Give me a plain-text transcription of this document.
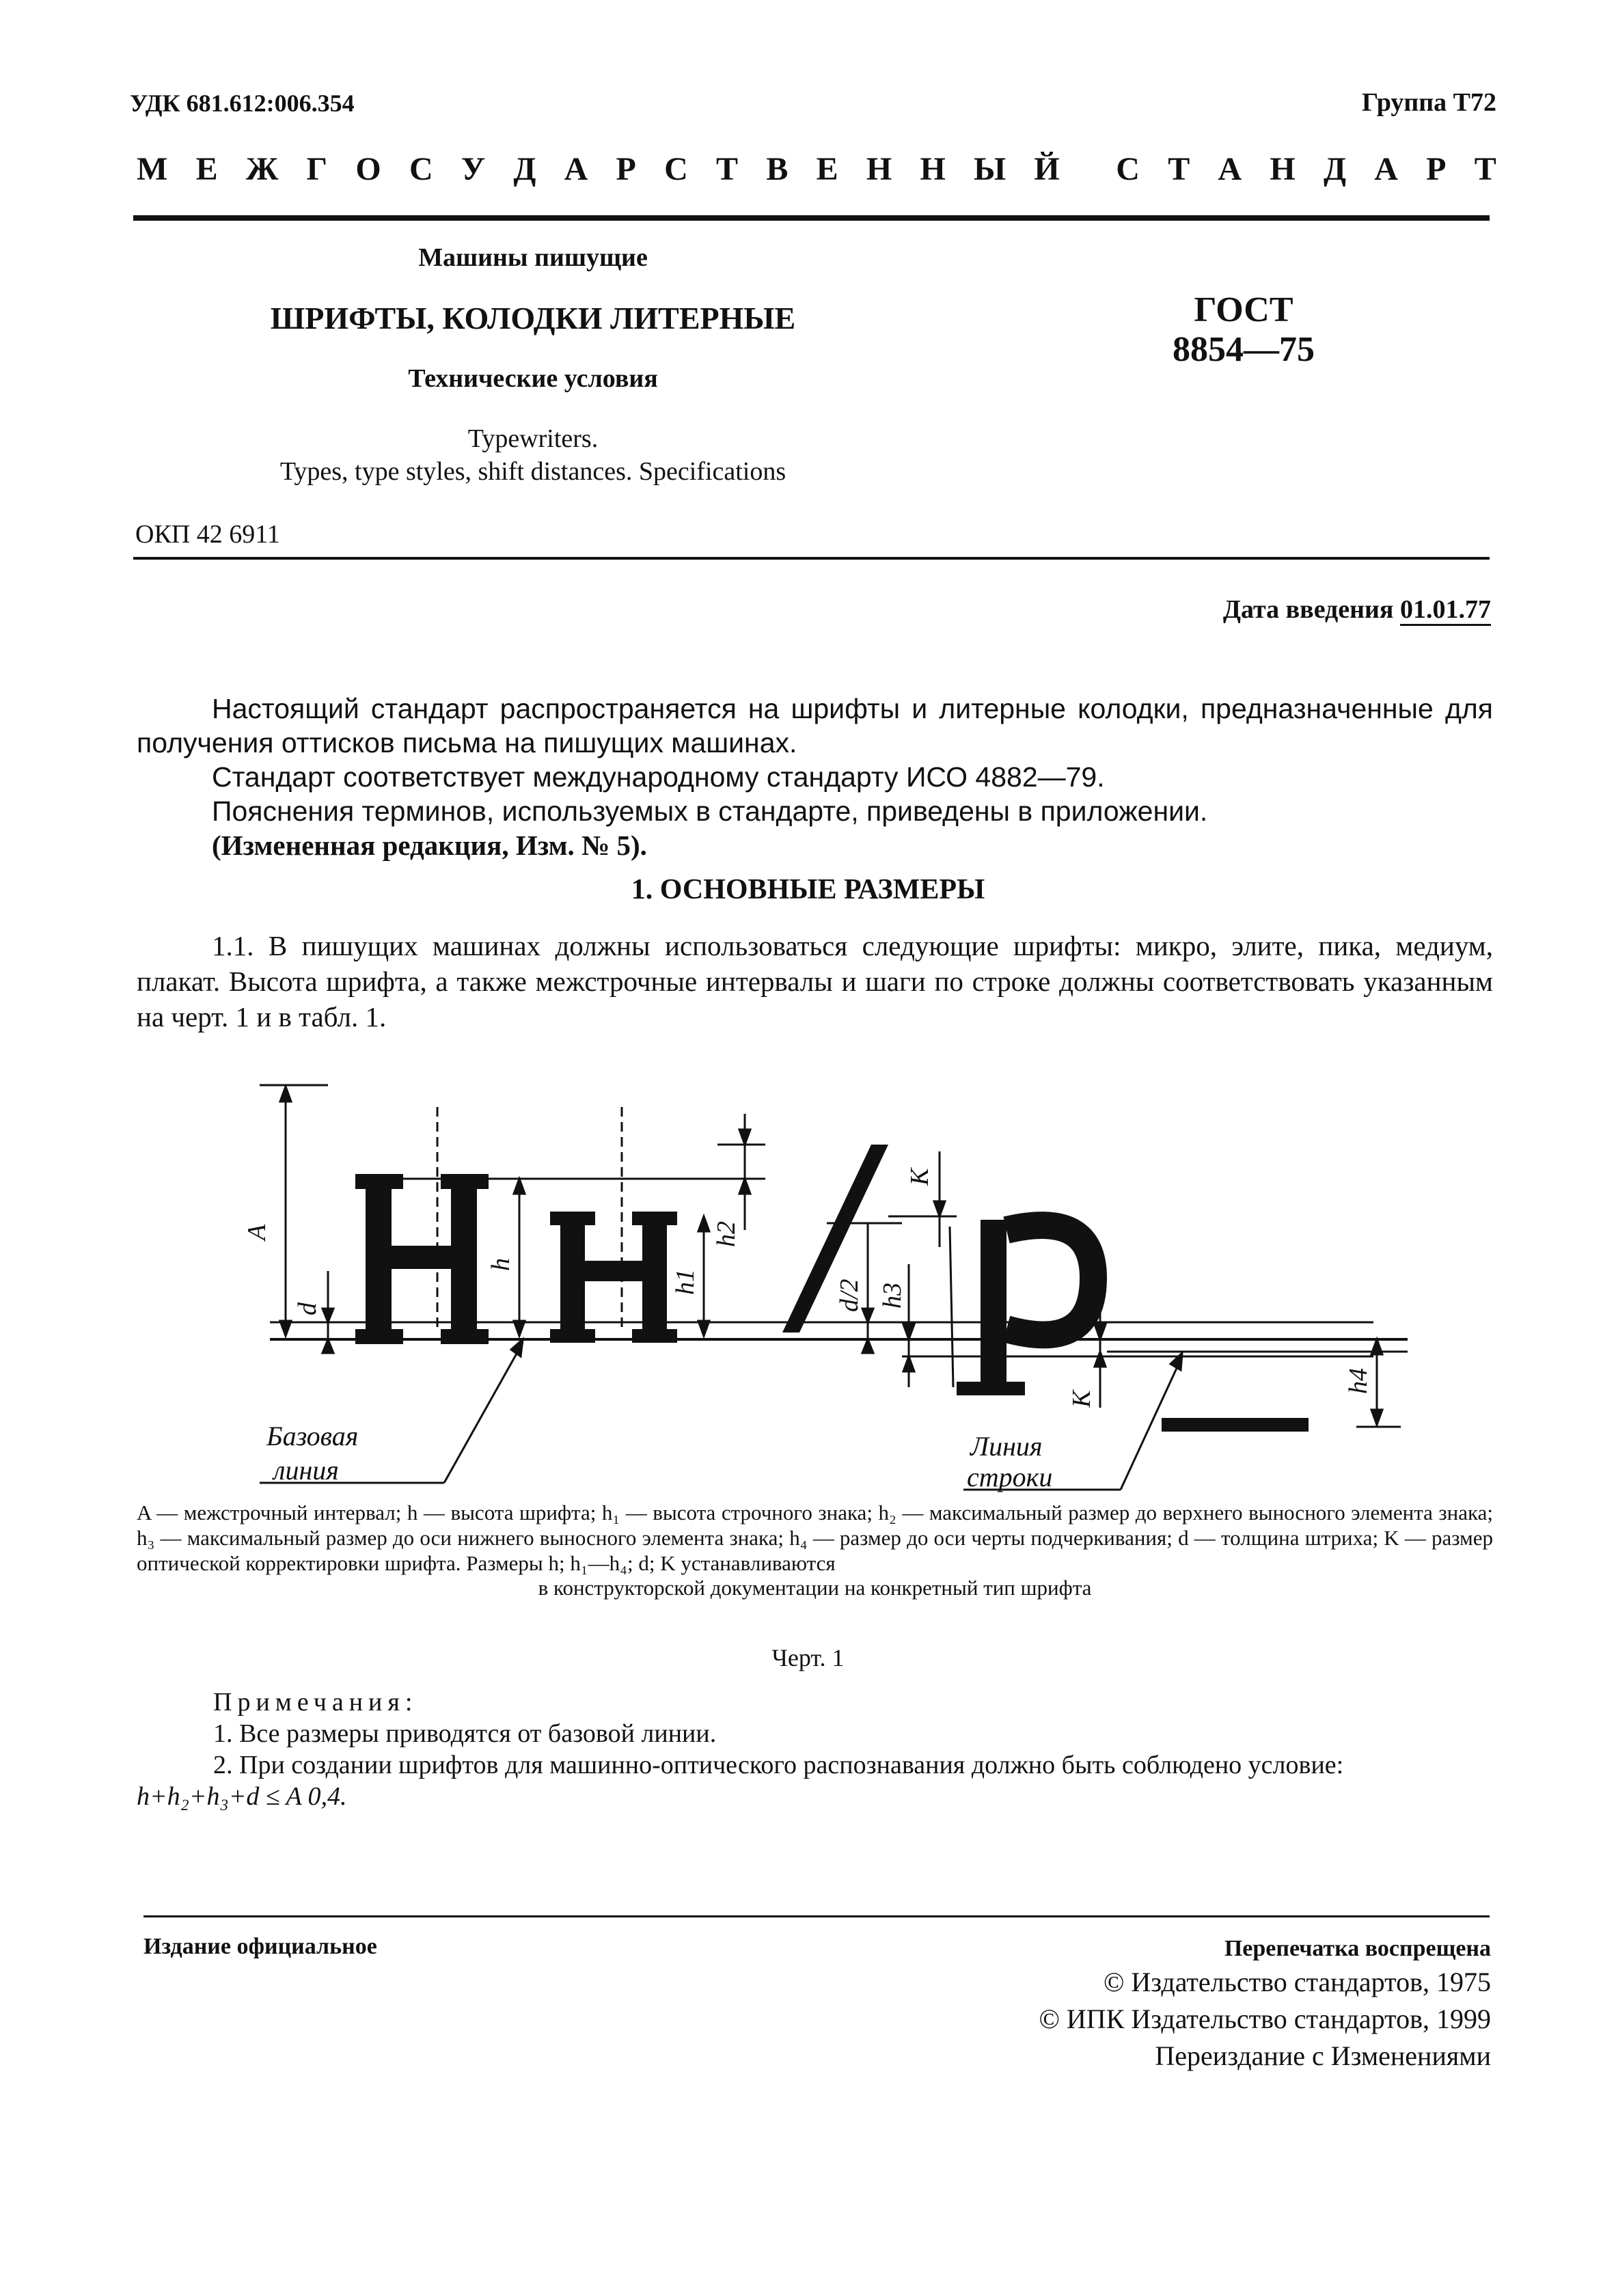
УДК 681.612:006.354	Группа Т72
М Е Ж Г О С У Д А Р С Т В Е Н Н Ы Й С Т А Н Д А Р Т
Машины пишущие
ШРИФТЫ, КОЛОДКИ ЛИТЕРНЫЕ
Технические условия
Typewriters.
Types, type styles, shift distances. Specifications
ГОСТ
8854—75
ОКП 42 6911
Дата введения 01.01.77

Настоящий стандарт распространяется на шрифты и литерные колодки, предназначенные для получения оттисков письма на пишущих машинах.

Стандарт соответствует международному стандарту ИСО 4882—79.

Пояснения терминов, используемых в стандарте, приведены в приложении.

(Измененная редакция, Изм. № 5).

1. ОСНОВНЫЕ РАЗМЕРЫ

1.1. В пишущих машинах должны использоваться следующие шрифты: микро, элите, пика, медиум, плакат. Высота шрифта, а также межстрочные интервалы и шаги по строке должны соответствовать указанным на черт. 1 и в табл. 1.

A
d
h
h1
h2
d/2 h3
K
K
h4
Базовая
линия
Линия
строки
A — межстрочный интервал; h — высота шрифта; h₁ — высота строчного знака; h₂ — максимальный размер до верхнего выносного элемента знака; h₃ — максимальный размер до оси нижнего выносного элемента знака; h₄ — размер до оси черты подчеркивания; d — толщина штриха; K — размер оптической корректировки шрифта. Размеры h; h₁—h₄; d; K устанавливаются
в конструкторской документации на конкретный тип шрифта
Черт. 1

Примечания:

1. Все размеры приводятся от базовой линии.

2. При создании шрифтов для машинно-оптического распознавания должно быть соблюдено условие:

h+h₂+h₃+d ≤ A 0,4.

Издание официальное	Перепечатка воспрещена
© Издательство стандартов, 1975
© ИПК Издательство стандартов, 1999
Переиздание с Изменениями
